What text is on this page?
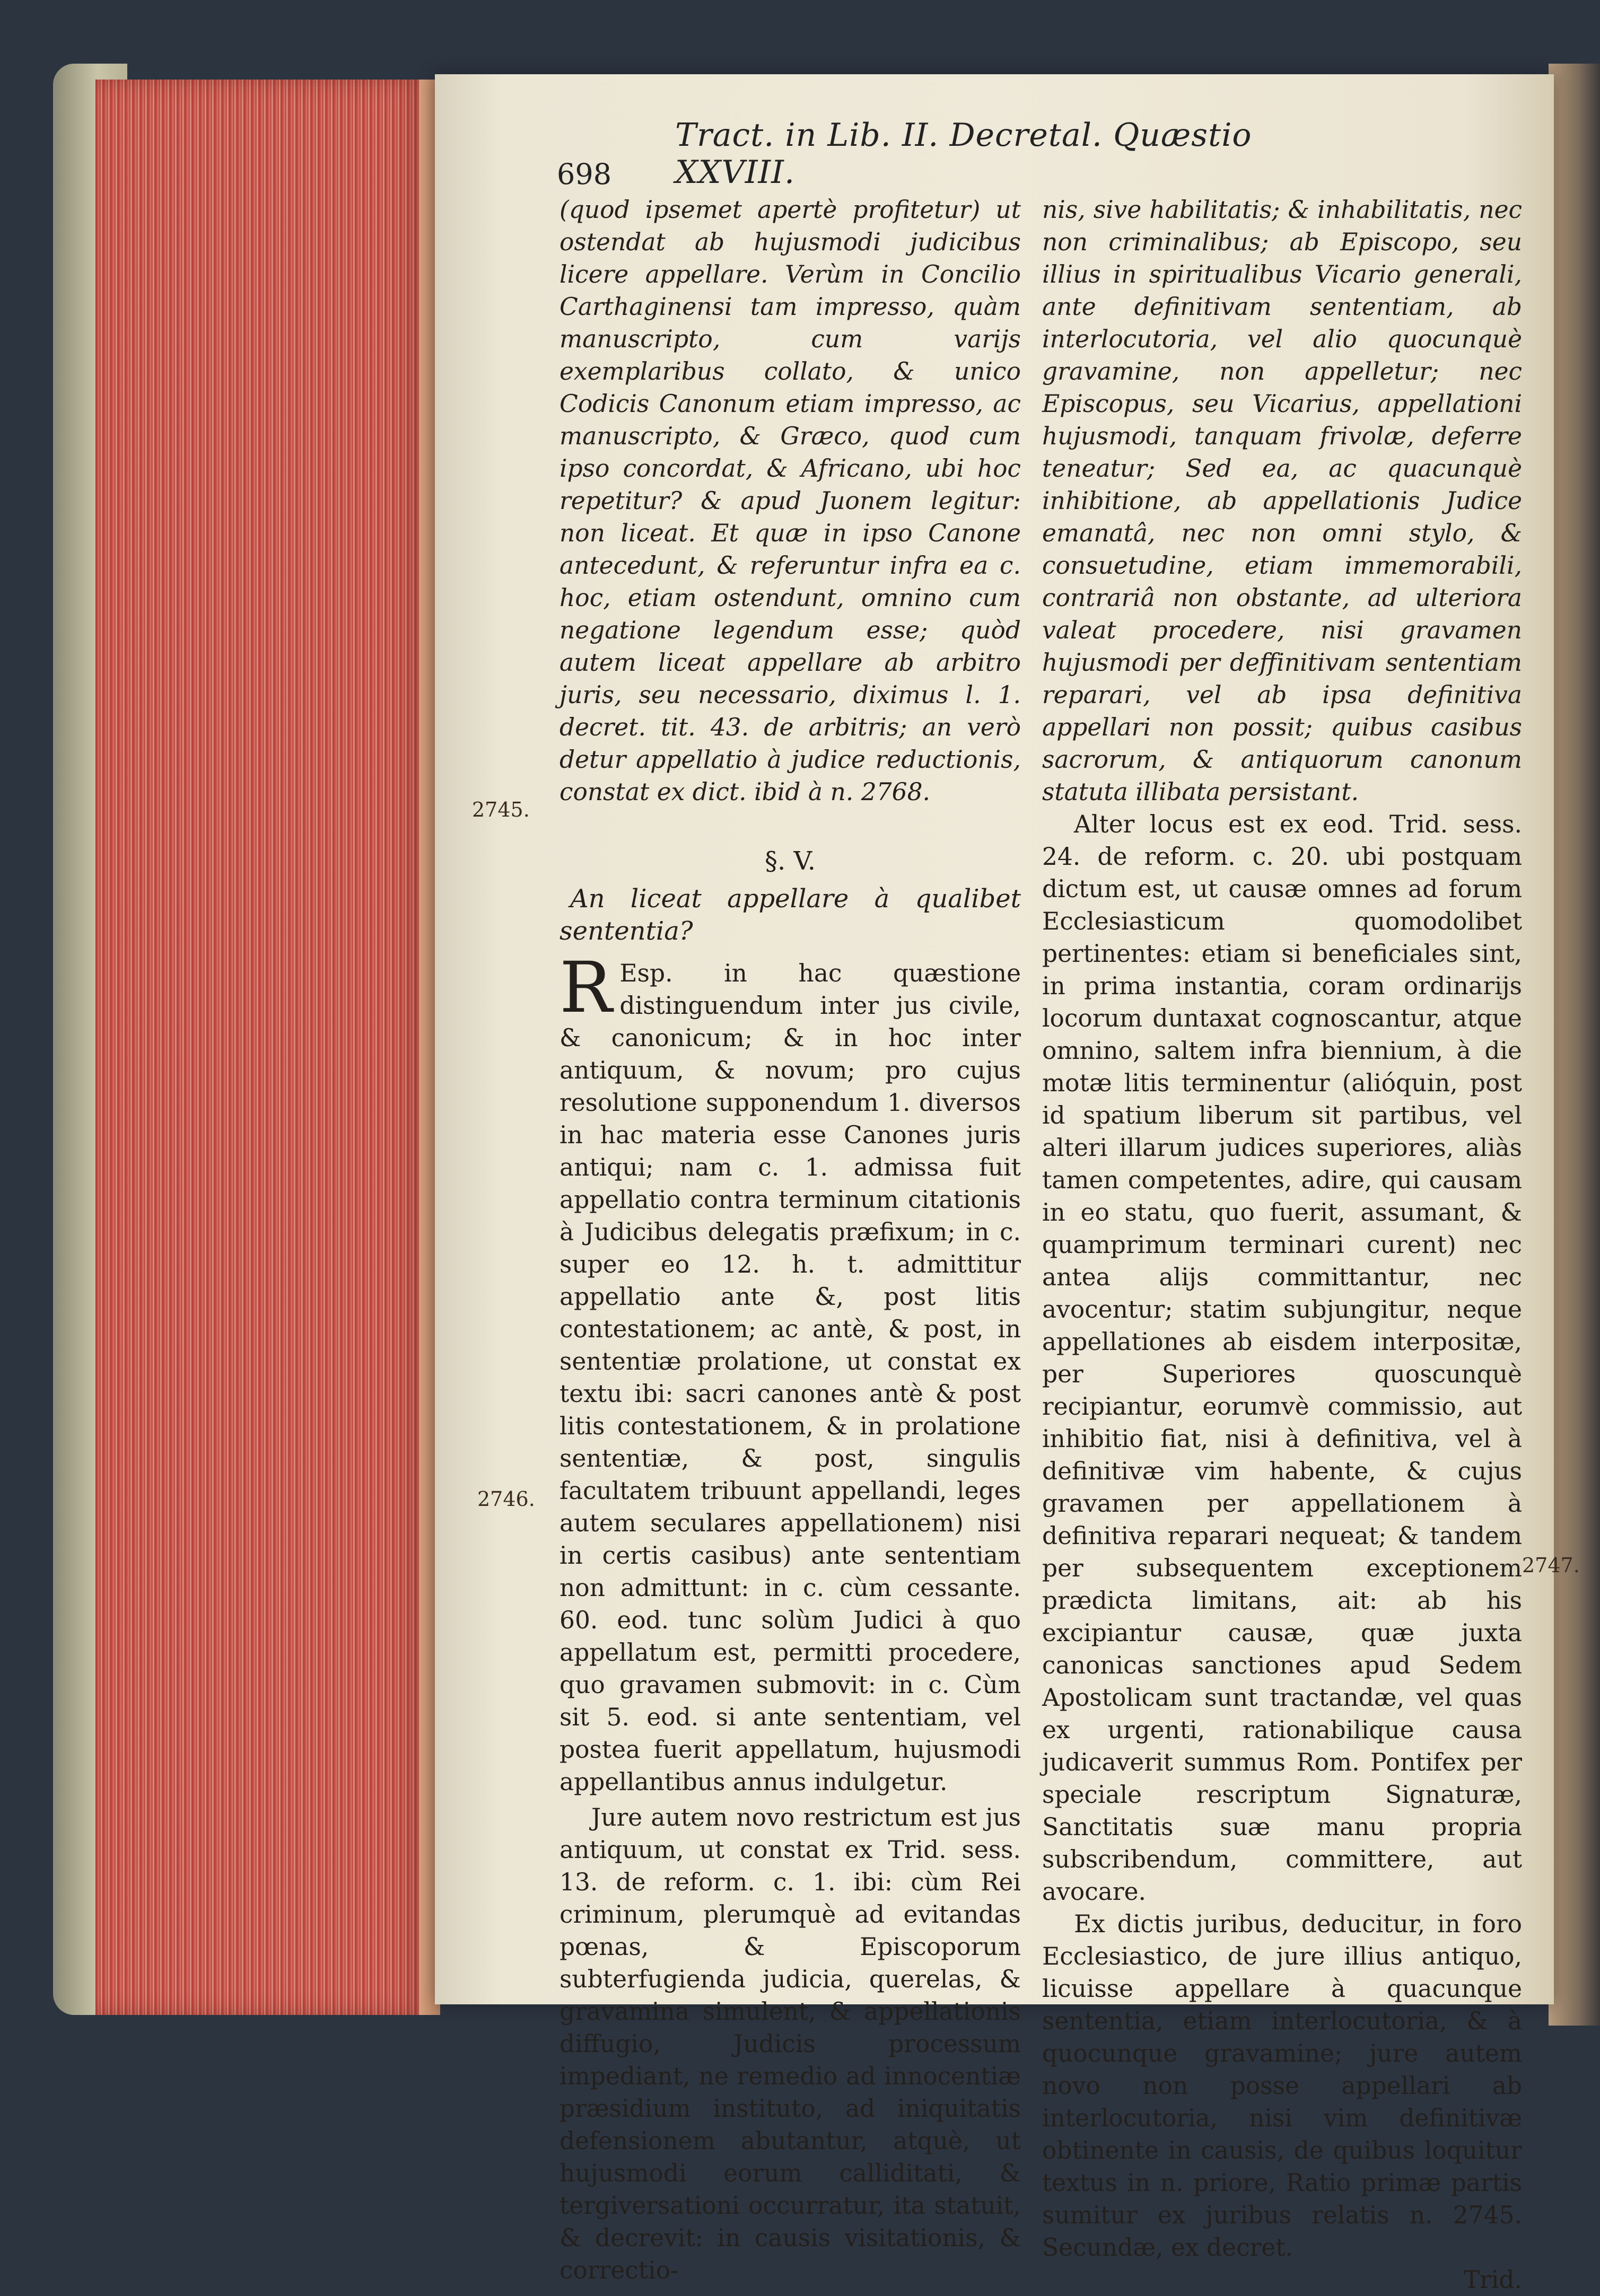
698
Tract. in Lib. II. Decretal. Quæstio XXVIII.
2745.
2746.
2747.

(quod ipsemet apertè profitetur) ut ostendat ab hujusmodi judicibus licere appellare. Verùm in Concilio Carthaginensi tam impresso, quàm manuscripto, cum varijs exemplaribus collato, & unico Codicis Canonum etiam impresso, ac manuscripto, & Græco, quod cum ipso concordat, & Africano, ubi hoc repetitur? & apud Juonem legitur: non liceat. Et quæ in ipso Canone antecedunt, & referuntur infra ea c. hoc, etiam ostendunt, omnino cum negatione legendum esse; quòd autem liceat appellare ab arbitro juris, seu necessario, diximus l. 1. decret. tit. 43. de arbitris; an verò detur appellatio à judice reductionis, constat ex dict. ibid à n. 2768.

§. V.
An liceat appellare à qualibet sententia?

R Esp. in hac quæstione distinguendum inter jus civile, & canonicum; & in hoc inter antiquum, & novum; pro cujus resolutione supponendum 1. diversos in hac materia esse Canones juris antiqui; nam c. 1. admissa fuit appellatio contra terminum citationis à Judicibus delegatis præfixum; in c. super eo 12. h. t. admittitur appellatio ante &, post litis contestationem; ac antè, & post, in sententiæ prolatione, ut constat ex textu ibi: sacri canones antè & post litis contestationem, & in prolatione sententiæ, & post, singulis facultatem tribuunt appellandi, leges autem seculares appellationem) nisi in certis casibus) ante sententiam non admittunt: in c. cùm cessante. 60. eod. tunc solùm Judici à quo appellatum est, permitti procedere, quo gravamen submovit: in c. Cùm sit 5. eod. si ante sententiam, vel postea fuerit appellatum, hujusmodi appellantibus annus indulgetur.

Jure autem novo restrictum est jus antiquum, ut constat ex Trid. sess. 13. de reform. c. 1. ibi: cùm Rei criminum, plerumquè ad evitandas pœnas, & Episcoporum subterfugienda judicia, querelas, & gravamina simulent, & appellationis diffugio, Judicis processum impediant, ne remedio ad innocentiæ præsidium instituto, ad iniquitatis defensionem abutantur, atquè, ut hujusmodi eorum calliditati, & tergiversationi occurratur, ita statuit, & decrevit: in causis visitationis, & correctio-

nis, sive habilitatis; & inhabilitatis, nec non criminalibus; ab Episcopo, seu illius in spiritualibus Vicario generali, ante definitivam sententiam, ab interlocutoria, vel alio quocunquè gravamine, non appelletur; nec Episcopus, seu Vicarius, appellationi hujusmodi, tanquam frivolæ, deferre teneatur; Sed ea, ac quacunquè inhibitione, ab appellationis Judice emanatâ, nec non omni stylo, & consuetudine, etiam immemorabili, contrariâ non obstante, ad ulteriora valeat procedere, nisi gravamen hujusmodi per deffinitivam sententiam reparari, vel ab ipsa definitiva appellari non possit; quibus casibus sacrorum, & antiquorum canonum statuta illibata persistant.

Alter locus est ex eod. Trid. sess. 24. de reform. c. 20. ubi postquam dictum est, ut causæ omnes ad forum Ecclesiasticum quomodolibet pertinentes: etiam si beneficiales sint, in prima instantia, coram ordinarijs locorum duntaxat cognoscantur, atque omnino, saltem infra biennium, à die motæ litis terminentur (alióquin, post id spatium liberum sit partibus, vel alteri illarum judices superiores, aliàs tamen competentes, adire, qui causam in eo statu, quo fuerit, assumant, & quamprimum terminari curent) nec antea alijs committantur, nec avocentur; statim subjungitur, neque appellationes ab eisdem interpositæ, per Superiores quoscunquè recipiantur, eorumvè commissio, aut inhibitio fiat, nisi à definitiva, vel à definitivæ vim habente, & cujus gravamen per appellationem à definitiva reparari nequeat; & tandem per subsequentem exceptionem prædicta limitans, ait: ab his excipiantur causæ, quæ juxta canonicas sanctiones apud Sedem Apostolicam sunt tractandæ, vel quas ex urgenti, rationabilique causa judicaverit summus Rom. Pontifex per speciale rescriptum Signaturæ, Sanctitatis suæ manu propria subscribendum, committere, aut avocare.

Ex dictis juribus, deducitur, in foro Ecclesiastico, de jure illius antiquo, licuisse appellare à quacunque sententia, etiam interlocutoria, & à quocunque gravamine; jure autem novo non posse appellari ab interlocutoria, nisi vim definitivæ obtinente in causis, de quibus loquitur textus in n. priore, Ratio primæ partis sumitur ex juribus relatis n. 2745. Secundæ, ex decret.

Trid.
